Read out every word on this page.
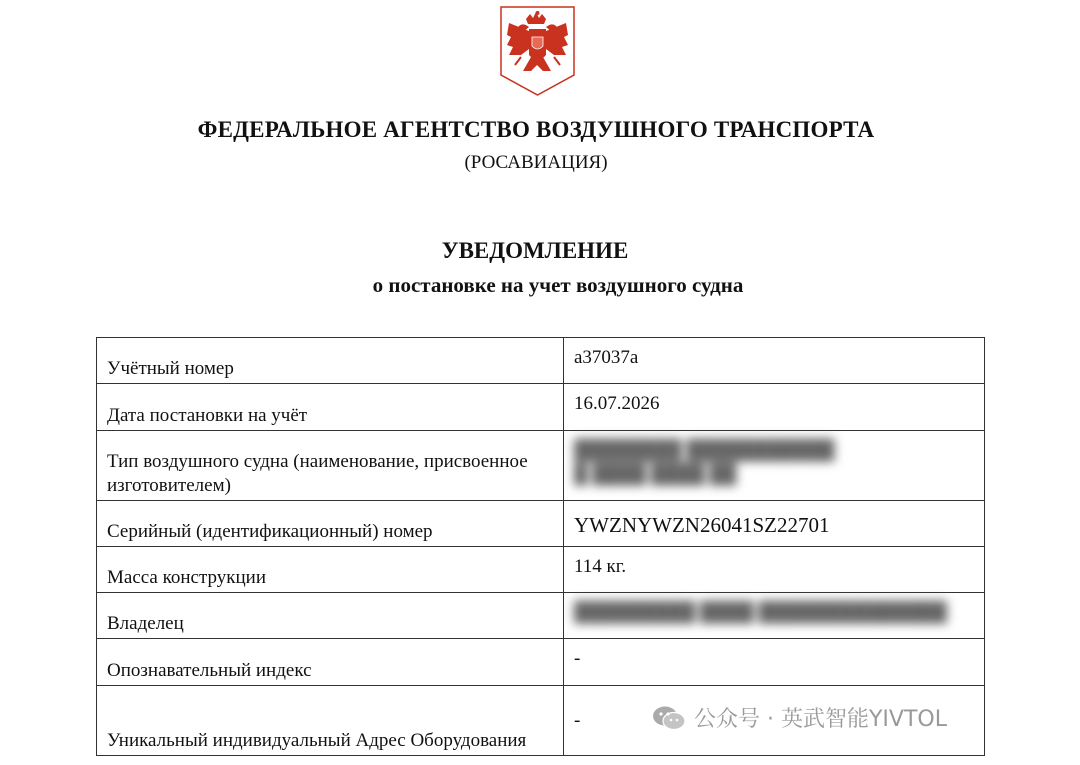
ФЕДЕРАЛЬНОЕ АГЕНТСТВО ВОЗДУШНОГО ТРАНСПОРТА
(РОСАВИАЦИЯ)
УВЕДОМЛЕНИЕ
о постановке на учет воздушного судна
Учётный номер	а37037а
Дата постановки на учёт	16.07.2026
Тип воздушного судна (наименование, присвоенное изготовителем)	████████ ███████████
█ ████ ████ ██
Серийный (идентификационный) номер	YWZNYWZN26041SZ22701
Масса конструкции	114 кг.
Владелец	█████████ ████ ██████████████
Опознавательный индекс	-
Уникальный индивидуальный Адрес Оборудования	-	公众号 · 英武智能YIVTOL
